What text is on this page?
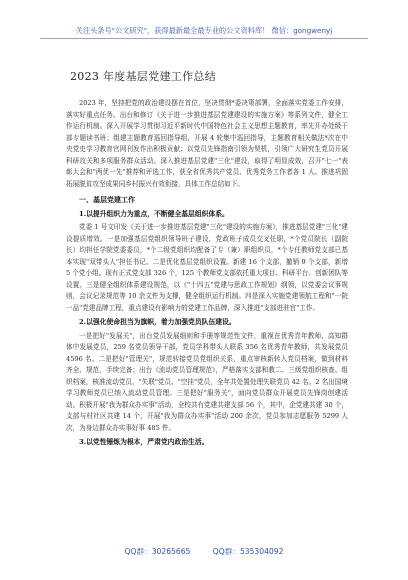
关注头条号"公文研究"，获得最新最全最专业的公文资料库！ 微信：gongwenyj
2023 年度基层党建工作总结

2023 年，坚持把党的政治建设摆在首位，坚决贯彻*委决策部署，全面落实党委工作安排，落实好重点任务。出台和修订《关于进一步推进基层党建建设的实施方案》等系列文件，健全工作运行机制。深入开展学习贯彻习近平新时代中国特色社会主义思想主题教育，率先开办处级干部专题读书班；组建主题教育巡回指导组，开展 4 轮集中巡回指导，主题教育相关做法*次在中央党史学习教育官网刊发作出积极贡献；以党员先锋指南引领为契机，引领广大研究生党员开展科研攻关和多项服务群众活动。深入推进基层党建"三化"建设，取得了明显成效，召开"七一"表彰大会和"两优一先"推荐和评选工作，获全省优秀共产党员、优秀党务工作者各 1 人。推进巩固拓展脱贫攻坚成果同乡村振兴有效衔接，具体工作总结如下。

一、基层党建工作

1.以提升组织力为重点，不断健全基层组织体系。

党委 1 号文印发《关于进一步推进基层党建"三化"建设的实施方案》，推进基层党建"三化"建设提质增效。一是加强基层党组织领导班子建设，党政班子成员交叉任职，*个党员院长（副院长）均担任学院党委委员，*个二级党组织均配备了专（兼）职组织员，*个专任教师党支部已基本实现"双带头人"担任书记。二是优化基层党组织设置。新建 16 个支部，撤销 9 个支部，新增 5 个党小组。现有正式党支部 326 个，125 个教师党支部依托重大项目、科研平台、创新团队等设置。三是健全组织体系建设规范，以《"十四五"党建与思政工作规划》纲领，以党委会议事规则，会议记录规范等 10 余文件为支撑，健全组织运行机制。四是深入实施党建领航工程和"一院一品"党建品牌工程，重点建设有影响力的党建工作品牌，深入推进"支部进驻官"工作。

2.以强化使命担当为旗帜，着力加强党员队伍建设。

一是把好"发展关"，出台党员发展细则和手册等规范性文件，重视在优秀青年教师、高知群体中发展党员，259 名党员领导干部，党员学科带头人联系 356 名优秀青年教师，共发展党员 4596 名。二是把好"管理关"，规范转接党员党组织关系，重点审核新转入党员档案，做到材料齐全、规范，手续完备；出台《流动党员管理规范》，严格落实支部和教二、三级党组织核查、组织档案，核准流动党员、"失联"党员、"空挂"党员，全年共处置处理失联党员 42 名。2 名出国境学习教师党员已纳入流动党员管理。三是把好"服务关"，面向党员群众开展党员先锋岗创建活动。积极开展"我为群众办实事"活动，全校共有党建共建支部 56 个，其中，企党建共建 30 个，支部与村社区共建 14 个，开展"我为群众办实事"活动 200 余次，党员参加志愿服务 5299 人次，为身边群众办实事好事 485 件。

3.以党性锤炼为根本，严肃党内政治生活。

QQ群：30265665	QQ群：535304092
